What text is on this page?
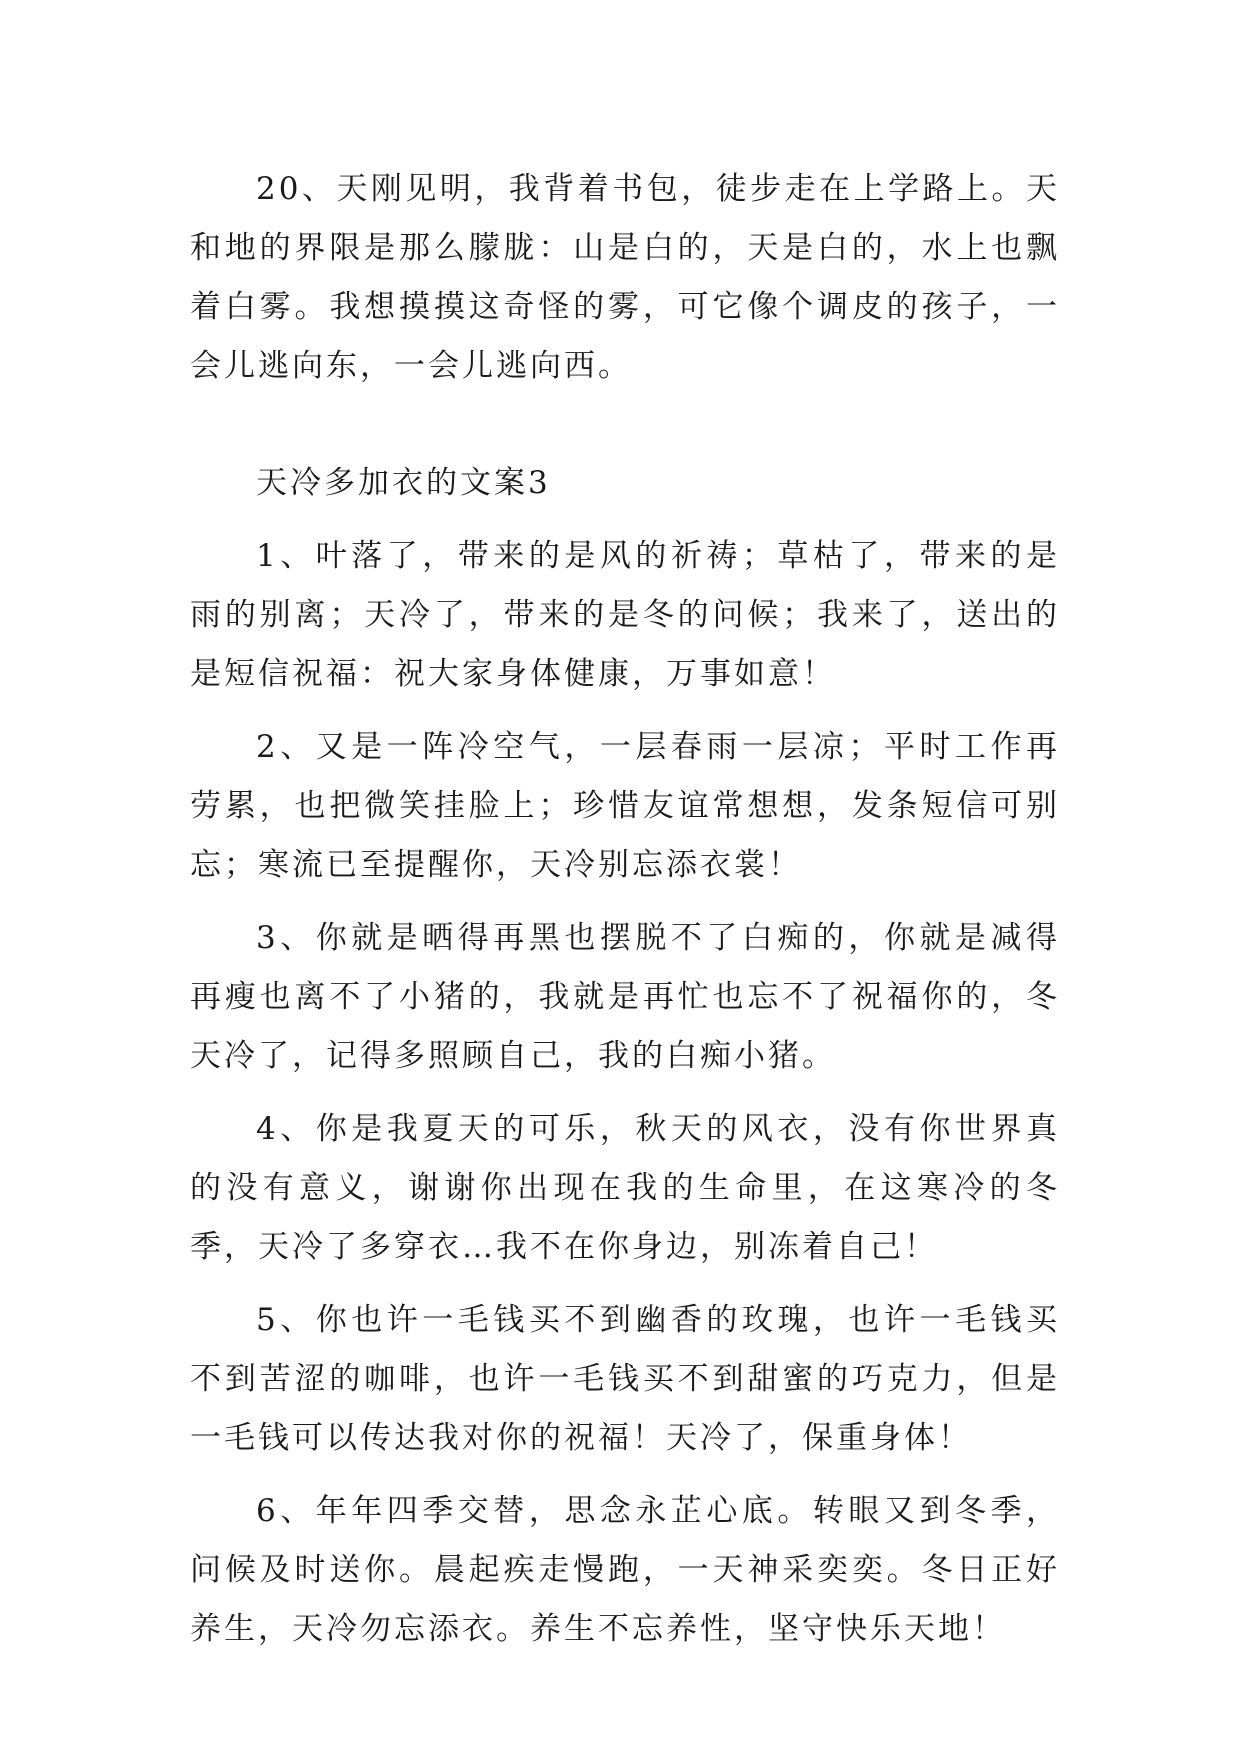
20、天刚见明，我背着书包，徒步走在上学路上。天和地的界限是那么朦胧：山是白的，天是白的，水上也飘着白雾。我想摸摸这奇怪的雾，可它像个调皮的孩子，一会儿逃向东，一会儿逃向西。

天冷多加衣的文案3

1、叶落了，带来的是风的祈祷；草枯了，带来的是雨的别离；天冷了，带来的是冬的问候；我来了，送出的是短信祝福：祝大家身体健康，万事如意！

2、又是一阵冷空气，一层春雨一层凉；平时工作再劳累，也把微笑挂脸上；珍惜友谊常想想，发条短信可别忘；寒流已至提醒你，天冷别忘添衣裳！

3、你就是晒得再黑也摆脱不了白痴的，你就是减得再瘦也离不了小猪的，我就是再忙也忘不了祝福你的，冬天冷了，记得多照顾自己，我的白痴小猪。

4、你是我夏天的可乐，秋天的风衣，没有你世界真的没有意义，谢谢你出现在我的生命里，在这寒冷的冬季，天冷了多穿衣…我不在你身边，别冻着自己！

5、你也许一毛钱买不到幽香的玫瑰，也许一毛钱买不到苦涩的咖啡，也许一毛钱买不到甜蜜的巧克力，但是一毛钱可以传达我对你的祝福！天冷了，保重身体！

6、年年四季交替，思念永芷心底。转眼又到冬季，问候及时送你。晨起疾走慢跑，一天神采奕奕。冬日正好养生，天冷勿忘添衣。养生不忘养性，坚守快乐天地！
